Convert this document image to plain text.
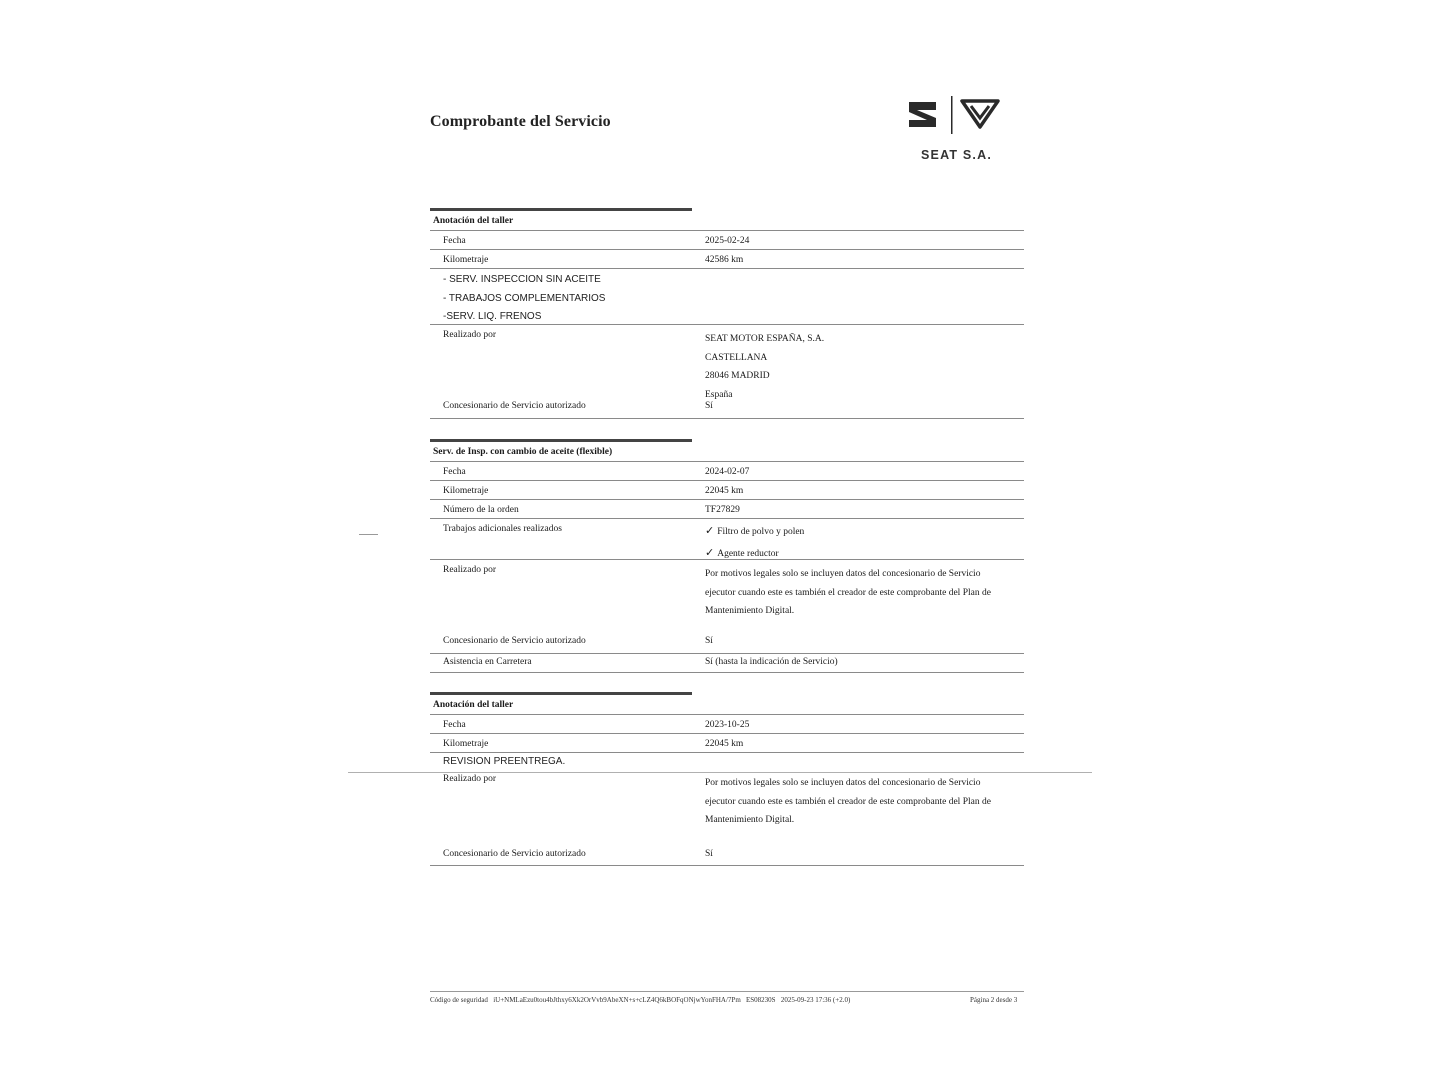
Comprobante del Servicio
SEAT S.A.
Anotación del taller
Fecha	2025-02-24
Kilometraje	42586 km
- SERV. INSPECCION SIN ACEITE
- TRABAJOS COMPLEMENTARIOS
-SERV. LIQ. FRENOS
Realizado por	SEAT MOTOR ESPAÑA, S.A.
CASTELLANA
28046 MADRID
España
Concesionario de Servicio autorizado	Sí
Serv. de Insp. con cambio de aceite (flexible)
Fecha	2024-02-07
Kilometraje	22045 km
Número de la orden	TF27829
Trabajos adicionales realizados	✓ Filtro de polvo y polen
✓ Agente reductor
Realizado por	Por motivos legales solo se incluyen datos del concesionario de Servicio
ejecutor cuando este es también el creador de este comprobante del Plan de
Mantenimiento Digital.
Concesionario de Servicio autorizado	Sí
Asistencia en Carretera	Sí (hasta la indicación de Servicio)
Anotación del taller
Fecha	2023-10-25
Kilometraje	22045 km
REVISION PREENTREGA.
Realizado por	Por motivos legales solo se incluyen datos del concesionario de Servicio
ejecutor cuando este es también el creador de este comprobante del Plan de
Mantenimiento Digital.
Concesionario de Servicio autorizado	Sí
Código de seguridad iU+NMLaEzu0tou4bJthxy6Xk2OrVvb9AbeXN+s+cLZ4Q6kBOFqONjwYonFHA/7Pm ES08230S 2025-09-23 17:36 (+2.0)	Página 2 desde 3
